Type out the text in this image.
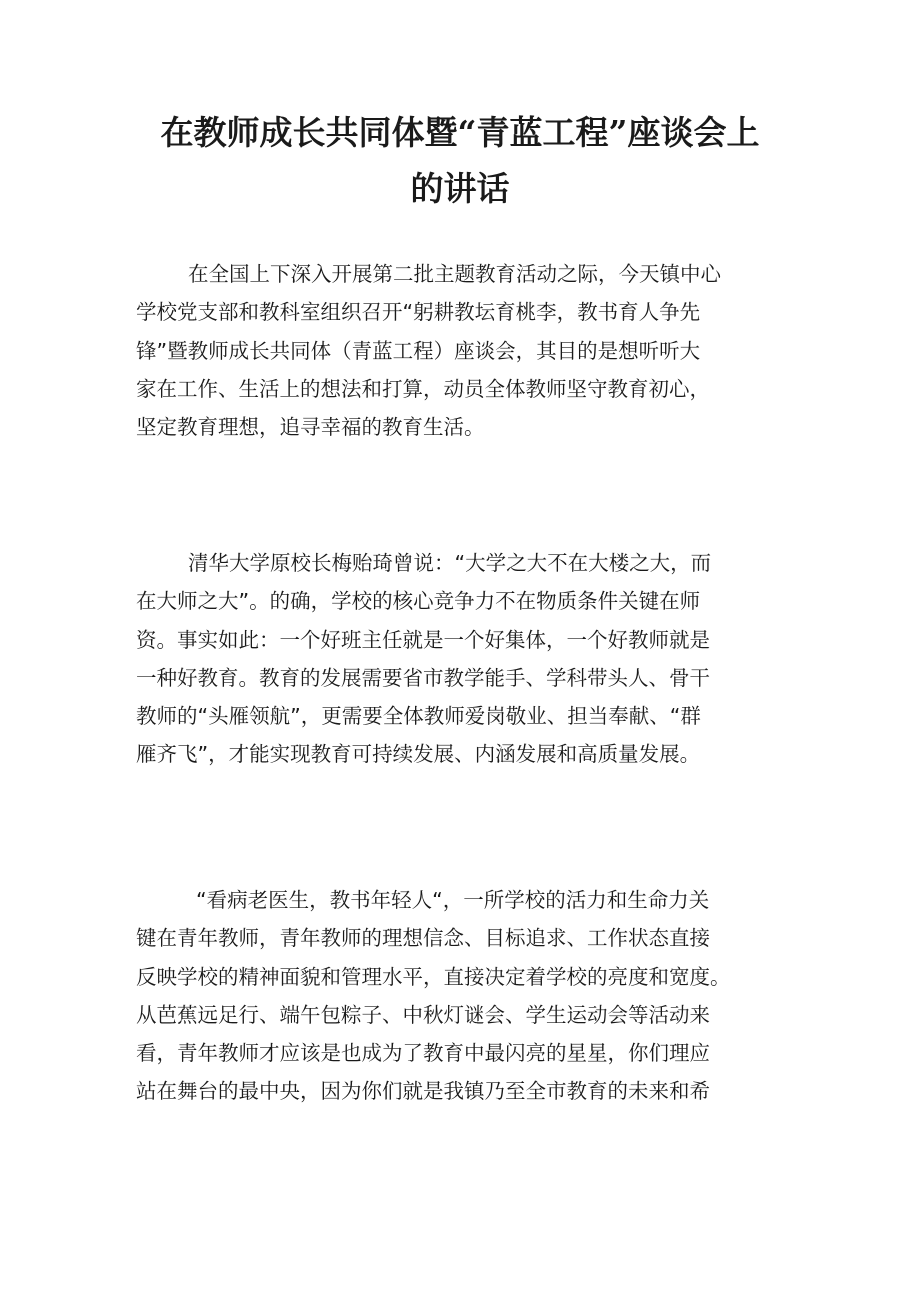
在教师成长共同体暨“青蓝工程”座谈会上
的讲话
在全国上下深入开展第二批主题教育活动之际，今天镇中心
学校党支部和教科室组织召开“躬耕教坛育桃李，教书育人争先
锋”暨教师成长共同体（青蓝工程）座谈会，其目的是想听听大
家在工作、生活上的想法和打算，动员全体教师坚守教育初心，
坚定教育理想，追寻幸福的教育生活。
清华大学原校长梅贻琦曾说：“大学之大不在大楼之大，而
在大师之大”。的确，学校的核心竞争力不在物质条件关键在师
资。事实如此：一个好班主任就是一个好集体，一个好教师就是
一种好教育。教育的发展需要省市教学能手、学科带头人、骨干
教师的“头雁领航”，更需要全体教师爱岗敬业、担当奉献、“群
雁齐飞”，才能实现教育可持续发展、内涵发展和高质量发展。
“看病老医生，教书年轻人“，一所学校的活力和生命力关
键在青年教师，青年教师的理想信念、目标追求、工作状态直接
反映学校的精神面貌和管理水平，直接决定着学校的亮度和宽度。
从芭蕉远足行、端午包粽子、中秋灯谜会、学生运动会等活动来
看，青年教师才应该是也成为了教育中最闪亮的星星，你们理应
站在舞台的最中央，因为你们就是我镇乃至全市教育的未来和希
